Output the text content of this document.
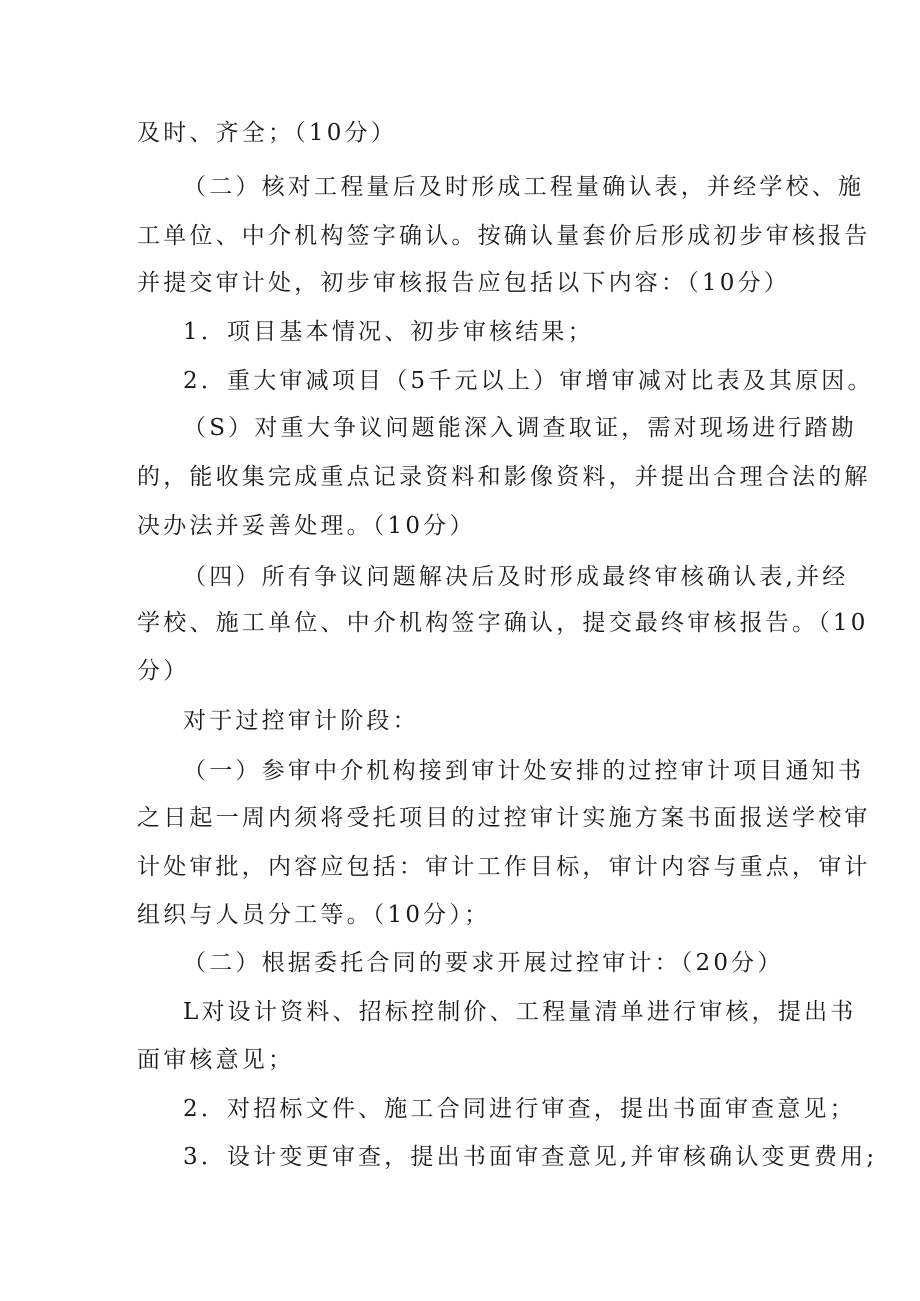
及时、齐全；（10分）
（二）核对工程量后及时形成工程量确认表，并经学校、施
工单位、中介机构签字确认。按确认量套价后形成初步审核报告
并提交审计处，初步审核报告应包括以下内容：（10分）
1．项目基本情况、初步审核结果；
2．重大审减项目（5千元以上）审增审减对比表及其原因。
（S）对重大争议问题能深入调查取证，需对现场进行踏勘
的，能收集完成重点记录资料和影像资料，并提出合理合法的解
决办法并妥善处理。（10分）
（四）所有争议问题解决后及时形成最终审核确认表,并经
学校、施工单位、中介机构签字确认，提交最终审核报告。（10
分）
对于过控审计阶段：
（一）参审中介机构接到审计处安排的过控审计项目通知书
之日起一周内须将受托项目的过控审计实施方案书面报送学校审
计处审批，内容应包括：审计工作目标，审计内容与重点，审计
组织与人员分工等。（10分）；
（二）根据委托合同的要求开展过控审计：（20分）
L对设计资料、招标控制价、工程量清单进行审核，提出书
面审核意见；
2．对招标文件、施工合同进行审查，提出书面审查意见；
3．设计变更审查，提出书面审查意见,并审核确认变更费用;
